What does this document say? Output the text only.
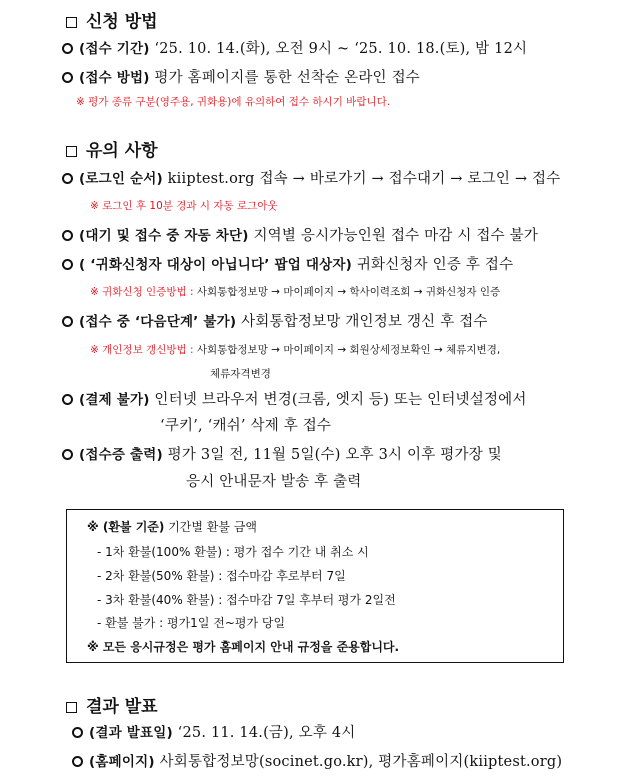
신청 방법
(접수 기간) ‘25. 10. 14.(화), 오전 9시 ~ ‘25. 10. 18.(토), 밤 12시
(접수 방법) 평가 홈페이지를 통한 선착순 온라인 접수
※ 평가 종류 구분(영주용, 귀화용)에 유의하여 접수 하시기 바랍니다.
유의 사항
(로그인 순서) kiiptest.org 접속 → 바로가기 → 접수대기 → 로그인 → 접수
※ 로그인 후 10분 경과 시 자동 로그아웃
(대기 및 접수 중 자동 차단) 지역별 응시가능인원 접수 마감 시 접수 불가
( ‘귀화신청자 대상이 아닙니다’ 팝업 대상자) 귀화신청자 인증 후 접수
※ 귀화신청 인증방법 : 사회통합정보망 → 마이페이지 → 학사이력조회 → 귀화신청자 인증
(접수 중 ‘다음단계’ 불가) 사회통합정보망 개인정보 갱신 후 접수
※ 개인정보 갱신방법 : 사회통합정보망 → 마이페이지 → 회원상세정보확인 → 체류지변경,
체류자격변경
(결제 불가) 인터넷 브라우저 변경(크롬, 엣지 등) 또는 인터넷설정에서
‘쿠키’, ‘캐쉬’ 삭제 후 접수
(접수증 출력) 평가 3일 전, 11월 5일(수) 오후 3시 이후 평가장 및
응시 안내문자 발송 후 출력
※ (환불 기준) 기간별 환불 금액
- 1차 환불(100% 환불) : 평가 접수 기간 내 취소 시
- 2차 환불(50% 환불) : 접수마감 후로부터 7일
- 3차 환불(40% 환불) : 접수마감 7일 후부터 평가 2일전
- 환불 불가 : 평가1일 전~평가 당일
※ 모든 응시규정은 평가 홈페이지 안내 규정을 준용합니다.
결과 발표
(결과 발표일) ‘25. 11. 14.(금), 오후 4시
(홈페이지) 사회통합정보망(socinet.go.kr), 평가홈페이지(kiiptest.org)
